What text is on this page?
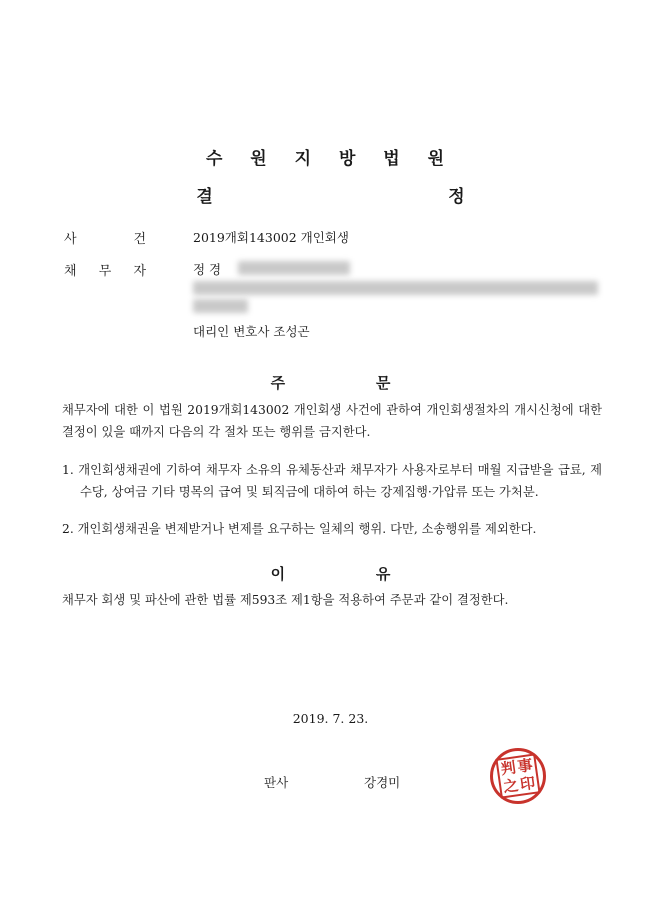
수 원 지 방 법 원
결	정
사	건	2019개회143002 개인회생
채 무 자	정 경
대리인 변호사 조성곤
주	문
채무자에 대한 이 법원 2019개회143002 개인회생 사건에 관하여 개인회생절차의 개시신청에 대한 결정이 있을 때까지 다음의 각 절차 또는 행위를 금지한다.
1. 개인회생채권에 기하여 채무자 소유의 유체동산과 채무자가 사용자로부터 매월 지급받을 급료, 제수당, 상여금 기타 명목의 급여 및 퇴직금에 대하여 하는 강제집행·가압류 또는 가처분.
2. 개인회생채권을 변제받거나 변제를 요구하는 일체의 행위. 다만, 소송행위를 제외한다.
이	유
채무자 회생 및 파산에 관한 법률 제593조 제1항을 적용하여 주문과 같이 결정한다.
2019. 7. 23.
판사	강경미
判 事
之 印
